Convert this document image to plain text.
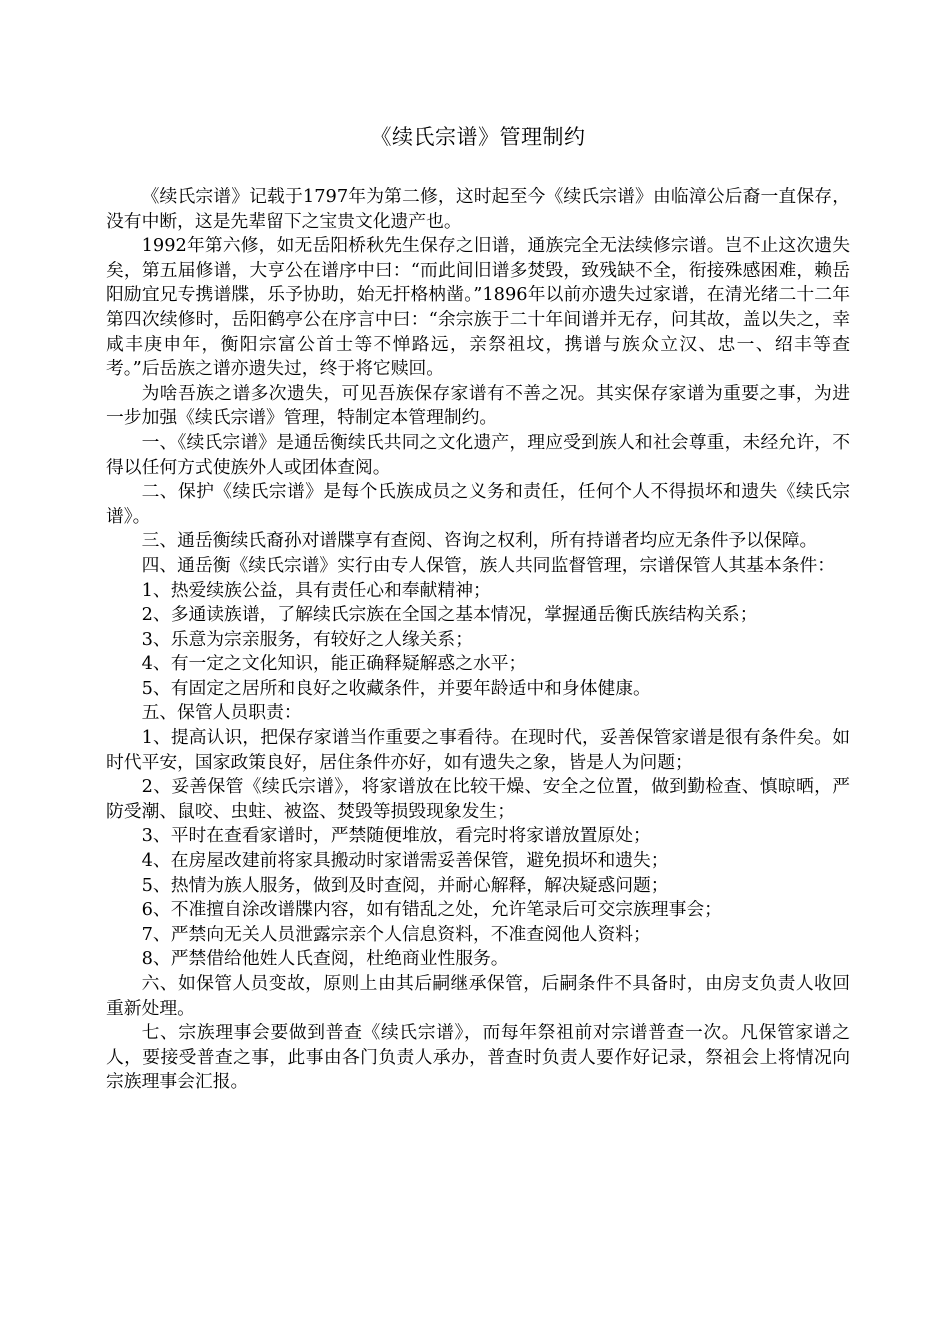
《续氏宗谱》管理制约

《续氏宗谱》记载于1797年为第二修，这时起至今《续氏宗谱》由临漳公后裔一直保存，没有中断，这是先辈留下之宝贵文化遗产也。

1992年第六修，如无岳阳桥秋先生保存之旧谱，通族完全无法续修宗谱。岂不止这次遗失矣，第五届修谱，大亨公在谱序中曰：“而此间旧谱多焚毁，致残缺不全，衔接殊感困难，赖岳阳励宜兄专携谱牒，乐予协助，始无扞格枘凿。”1896年以前亦遗失过家谱，在清光绪二十二年第四次续修时，岳阳鹤亭公在序言中曰：“余宗族于二十年间谱并无存，问其故，盖以失之，幸咸丰庚申年，衡阳宗富公首士等不惮路远，亲祭祖坟，携谱与族众立汉、忠一、绍丰等查考。”后岳族之谱亦遗失过，终于将它赎回。

为啥吾族之谱多次遗失，可见吾族保存家谱有不善之况。其实保存家谱为重要之事，为进一步加强《续氏宗谱》管理，特制定本管理制约。

一、《续氏宗谱》是通岳衡续氏共同之文化遗产，理应受到族人和社会尊重，未经允许，不得以任何方式使族外人或团体查阅。

二、保护《续氏宗谱》是每个氏族成员之义务和责任，任何个人不得损坏和遗失《续氏宗谱》。

三、通岳衡续氏裔孙对谱牒享有查阅、咨询之权利，所有持谱者均应无条件予以保障。

四、通岳衡《续氏宗谱》实行由专人保管，族人共同监督管理，宗谱保管人其基本条件：

1、热爱续族公益，具有责任心和奉献精神；

2、多通读族谱，了解续氏宗族在全国之基本情况，掌握通岳衡氏族结构关系；

3、乐意为宗亲服务，有较好之人缘关系；

4、有一定之文化知识，能正确释疑解惑之水平；

5、有固定之居所和良好之收藏条件，并要年龄适中和身体健康。

五、保管人员职责：

1、提高认识，把保存家谱当作重要之事看待。在现时代，妥善保管家谱是很有条件矣。如时代平安，国家政策良好，居住条件亦好，如有遗失之象，皆是人为问题；

2、妥善保管《续氏宗谱》，将家谱放在比较干燥、安全之位置，做到勤检查、慎晾晒，严防受潮、鼠咬、虫蛀、被盗、焚毁等损毁现象发生；

3、平时在查看家谱时，严禁随便堆放，看完时将家谱放置原处；

4、在房屋改建前将家具搬动时家谱需妥善保管，避免损坏和遗失；

5、热情为族人服务，做到及时查阅，并耐心解释，解决疑惑问题；

6、不准擅自涂改谱牒内容，如有错乱之处，允许笔录后可交宗族理事会；

7、严禁向无关人员泄露宗亲个人信息资料，不准查阅他人资料；

8、严禁借给他姓人氏查阅，杜绝商业性服务。

六、如保管人员变故，原则上由其后嗣继承保管，后嗣条件不具备时，由房支负责人收回重新处理。

七、宗族理事会要做到普查《续氏宗谱》，而每年祭祖前对宗谱普查一次。凡保管家谱之人，要接受普查之事，此事由各门负责人承办，普查时负责人要作好记录，祭祖会上将情况向宗族理事会汇报。
